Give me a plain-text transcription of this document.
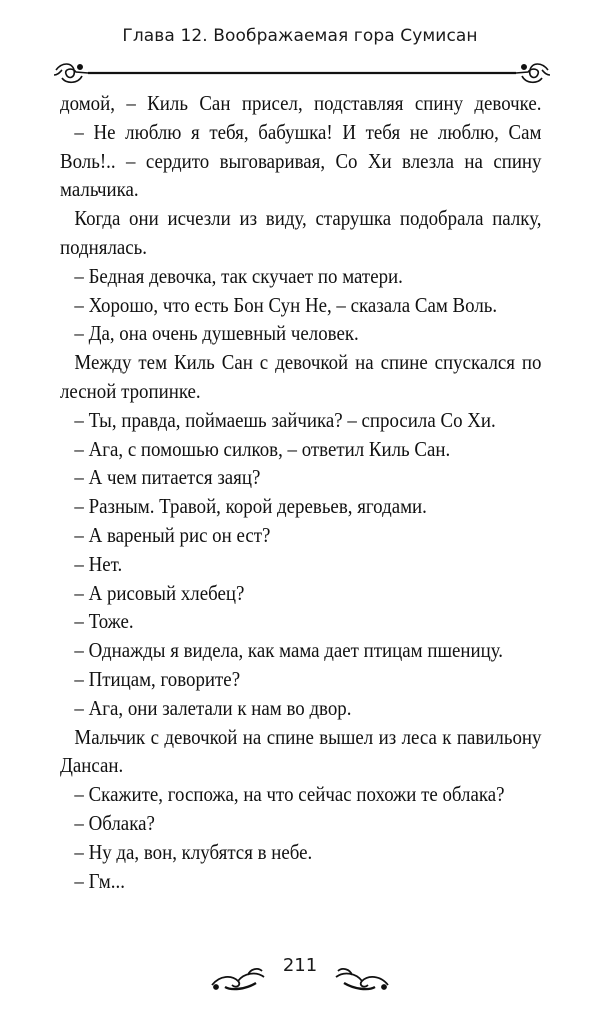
Глава 12. Воображаемая гора Сумисан

домой, – Киль Сан присел, подставляя спину девочке.

– Не люблю я тебя, бабушка! И тебя не люблю, Сам Воль!.. – сердито выговаривая, Со Хи влезла на спину мальчика.

Когда они исчезли из виду, старушка подобрала палку, поднялась.

– Бедная девочка, так скучает по матери.

– Хорошо, что есть Бон Сун Не, – сказала Сам Воль.

– Да, она очень душевный человек.

Между тем Киль Сан с девочкой на спине спускался по лесной тропинке.

– Ты, правда, поймаешь зайчика? – спросила Со Хи.

– Ага, с помошью силков, – ответил Киль Сан.

– А чем питается заяц?

– Разным. Травой, корой деревьев, ягодами.

– А вареный рис он ест?

– Нет.

– А рисовый хлебец?

– Тоже.

– Однажды я видела, как мама дает птицам пшеницу.

– Птицам, говорите?

– Ага, они залетали к нам во двор.

Мальчик с девочкой на спине вышел из леса к павильону Дансан.

– Скажите, госпожа, на что сейчас похожи те облака?

– Облака?

– Ну да, вон, клубятся в небе.

– Гм...

211
